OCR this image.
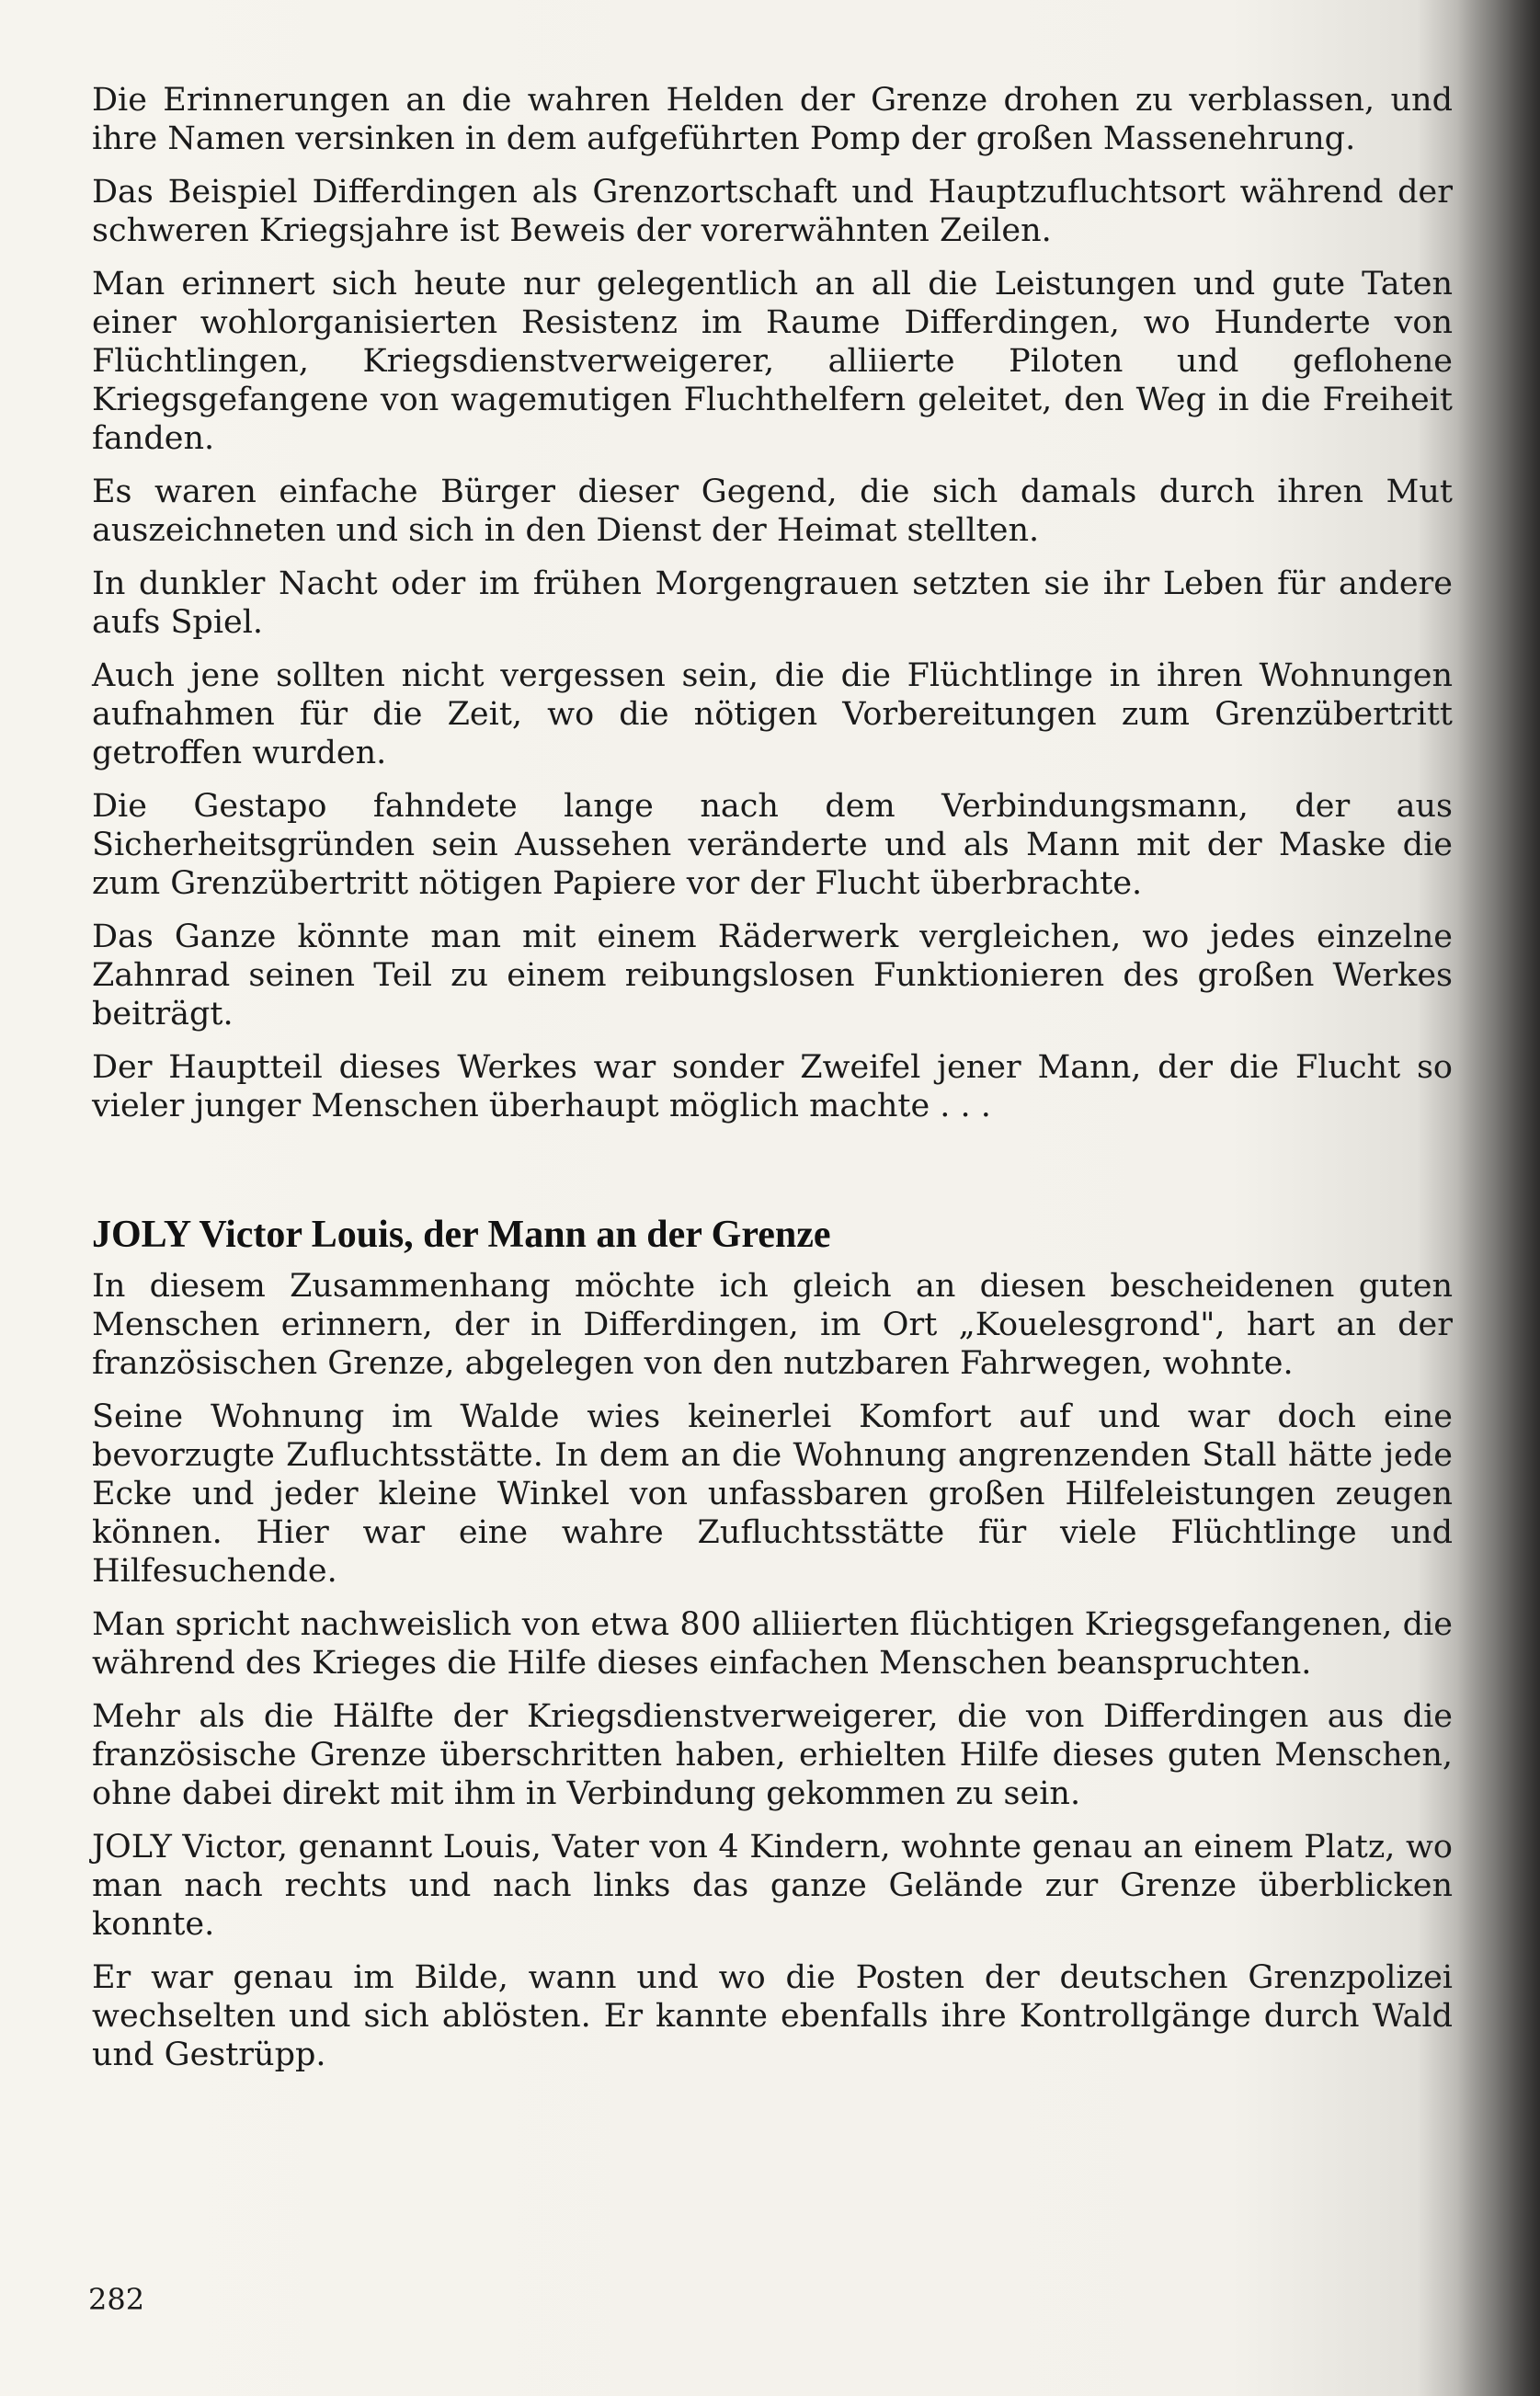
Die Erinnerungen an die wahren Helden der Grenze drohen zu verblassen, und ihre Namen versinken in dem aufgeführten Pomp der großen Massenehrung.

Das Beispiel Differdingen als Grenzortschaft und Hauptzufluchtsort während der schweren Kriegsjahre ist Beweis der vorerwähnten Zeilen.

Man erinnert sich heute nur gelegentlich an all die Leistungen und gute Taten einer wohlorganisierten Resistenz im Raume Differdingen, wo Hunderte von Flüchtlingen, Kriegsdienstverweigerer, alliierte Piloten und geflohene Kriegsgefangene von wagemutigen Fluchthelfern geleitet, den Weg in die Freiheit fanden.

Es waren einfache Bürger dieser Gegend, die sich damals durch ihren Mut auszeichneten und sich in den Dienst der Heimat stellten.

In dunkler Nacht oder im frühen Morgengrauen setzten sie ihr Leben für andere aufs Spiel.

Auch jene sollten nicht vergessen sein, die die Flüchtlinge in ihren Wohnungen aufnahmen für die Zeit, wo die nötigen Vorbereitungen zum Grenzübertritt getroffen wurden.

Die Gestapo fahndete lange nach dem Verbindungsmann, der aus Sicherheitsgründen sein Aussehen veränderte und als Mann mit der Maske die zum Grenzübertritt nötigen Papiere vor der Flucht überbrachte.

Das Ganze könnte man mit einem Räderwerk vergleichen, wo jedes einzelne Zahnrad seinen Teil zu einem reibungslosen Funktionieren des großen Werkes beiträgt.

Der Hauptteil dieses Werkes war sonder Zweifel jener Mann, der die Flucht so vieler junger Menschen überhaupt möglich machte . . .

JOLY Victor Louis, der Mann an der Grenze

In diesem Zusammenhang möchte ich gleich an diesen bescheidenen guten Menschen erinnern, der in Differdingen, im Ort „Kouelesgrond", hart an der französischen Grenze, abgelegen von den nutzbaren Fahrwegen, wohnte.

Seine Wohnung im Walde wies keinerlei Komfort auf und war doch eine bevorzugte Zufluchtsstätte. In dem an die Wohnung angrenzenden Stall hätte jede Ecke und jeder kleine Winkel von unfassbaren großen Hilfeleistungen zeugen können. Hier war eine wahre Zufluchtsstätte für viele Flüchtlinge und Hilfesuchende.

Man spricht nachweislich von etwa 800 alliierten flüchtigen Kriegsgefangenen, die während des Krieges die Hilfe dieses einfachen Menschen beanspruchten.

Mehr als die Hälfte der Kriegsdienstverweigerer, die von Differdingen aus die französische Grenze überschritten haben, erhielten Hilfe dieses guten Menschen, ohne dabei direkt mit ihm in Verbindung gekommen zu sein.

JOLY Victor, genannt Louis, Vater von 4 Kindern, wohnte genau an einem Platz, wo man nach rechts und nach links das ganze Gelände zur Grenze überblicken konnte.

Er war genau im Bilde, wann und wo die Posten der deutschen Grenzpolizei wechselten und sich ablösten. Er kannte ebenfalls ihre Kontrollgänge durch Wald und Gestrüpp.

282
